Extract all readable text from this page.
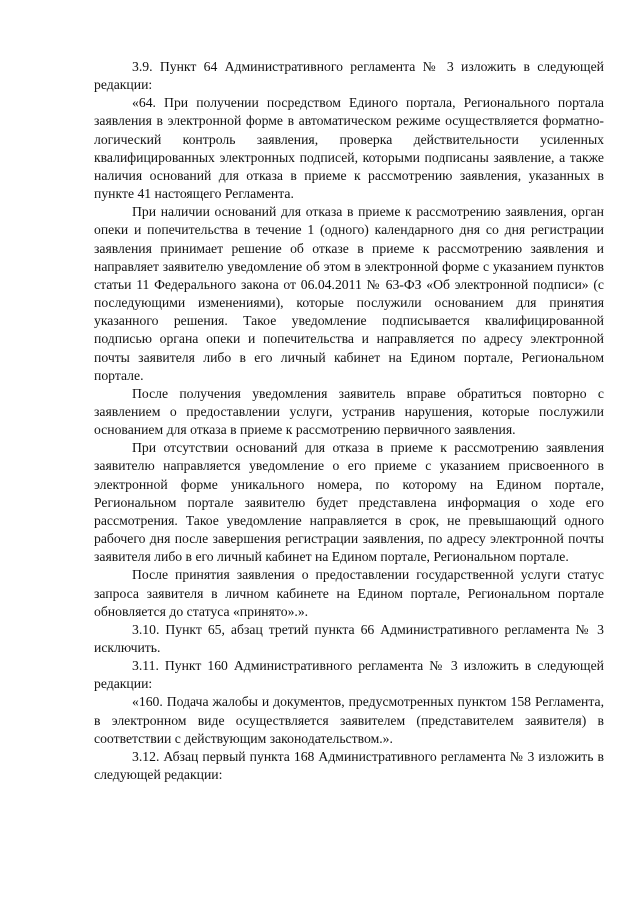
3.9. Пункт 64 Административного регламента № 3 изложить в следующей редакции:

«64. При получении посредством Единого портала, Регионального портала заявления в электронной форме в автоматическом режиме осуществляется форматно-логический контроль заявления, проверка действительности усиленных квалифицированных электронных подписей, которыми подписаны заявление, а также наличия оснований для отказа в приеме к рассмотрению заявления, указанных в пункте 41 настоящего Регламента.

При наличии оснований для отказа в приеме к рассмотрению заявления, орган опеки и попечительства в течение 1 (одного) календарного дня со дня регистрации заявления принимает решение об отказе в приеме к рассмотрению заявления и направляет заявителю уведомление об этом в электронной форме с указанием пунктов статьи 11 Федерального закона от 06.04.2011 № 63-ФЗ «Об электронной подписи» (с последующими изменениями), которые послужили основанием для принятия указанного решения. Такое уведомление подписывается квалифицированной подписью органа опеки и попечительства и направляется по адресу электронной почты заявителя либо в его личный кабинет на Едином портале, Региональном портале.

После получения уведомления заявитель вправе обратиться повторно с заявлением о предоставлении услуги, устранив нарушения, которые послужили основанием для отказа в приеме к рассмотрению первичного заявления.

При отсутствии оснований для отказа в приеме к рассмотрению заявления заявителю направляется уведомление о его приеме с указанием присвоенного в электронной форме уникального номера, по которому на Едином портале, Региональном портале заявителю будет представлена информация о ходе его рассмотрения. Такое уведомление направляется в срок, не превышающий одного рабочего дня после завершения регистрации заявления, по адресу электронной почты заявителя либо в его личный кабинет на Едином портале, Региональном портале.

После принятия заявления о предоставлении государственной услуги статус запроса заявителя в личном кабинете на Едином портале, Региональном портале обновляется до статуса «принято».».

3.10. Пункт 65, абзац третий пункта 66 Административного регламента № 3 исключить.

3.11. Пункт 160 Административного регламента № 3 изложить в следующей редакции:

«160. Подача жалобы и документов, предусмотренных пунктом 158 Регламента, в электронном виде осуществляется заявителем (представителем заявителя) в соответствии с действующим законодательством.».

3.12. Абзац первый пункта 168 Административного регламента № 3 изложить в следующей редакции:
